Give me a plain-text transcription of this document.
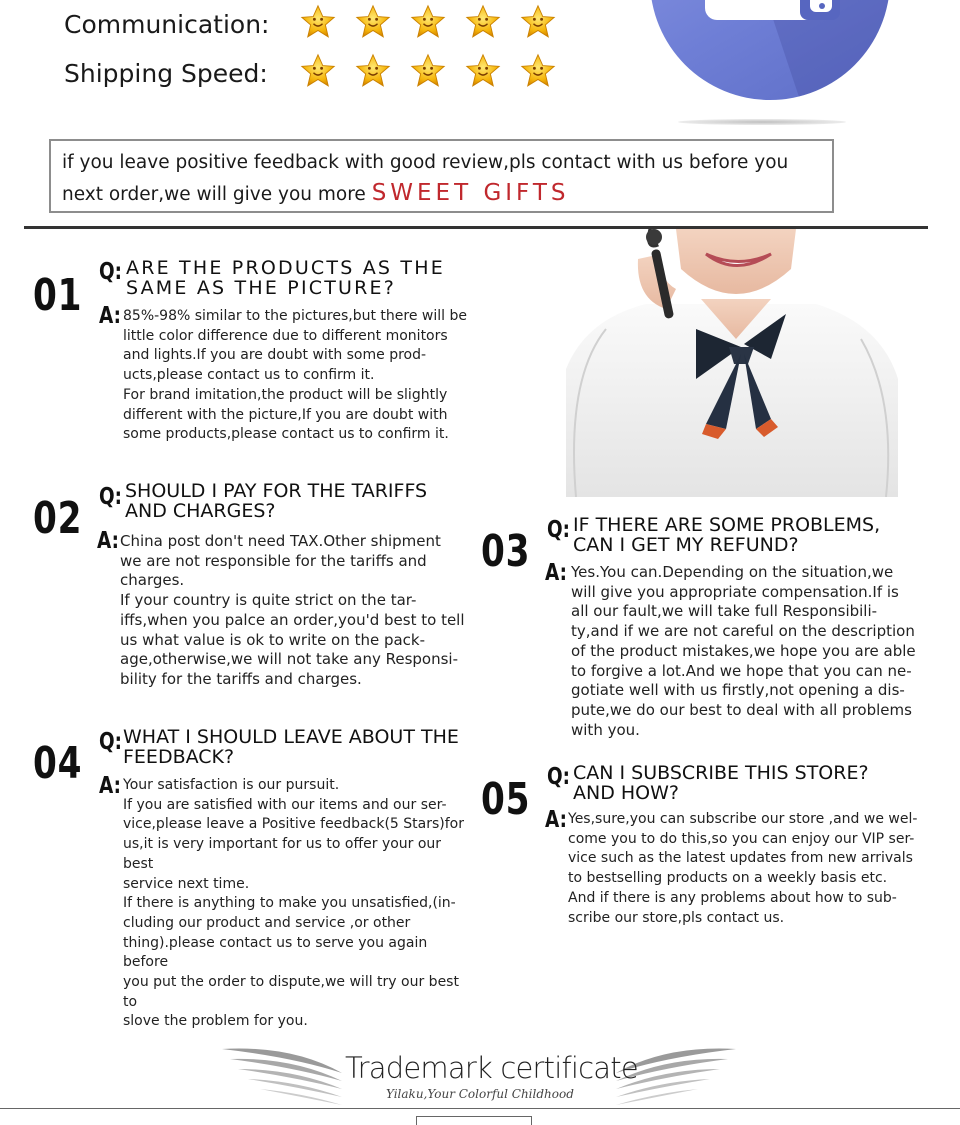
Communication:
Shipping Speed:
if you leave positive feedback with good review,pls contact with us before you next order,we will give you more SWEET GIFTS
01 Q: ARE THE PRODUCTS AS THE SAME AS THE PICTURE?
A: 85%-98% similar to the pictures,but there will be
little color difference due to different monitors
and lights.If you are doubt with some prod-
ucts,please contact us to confirm it.
For brand imitation,the product will be slightly
different with the picture,If you are doubt with
some products,please contact us to confirm it.
02 Q: SHOULD I PAY FOR THE TARIFFS AND CHARGES?
A: China post don't need TAX.Other shipment
we are not responsible for the tariffs and
charges.
If your country is quite strict on the tar-
iffs,when you palce an order,you'd best to tell
us what value is ok to write on the pack-
age,otherwise,we will not take any Responsi-
bility for the tariffs and charges.
03 Q: IF THERE ARE SOME PROBLEMS, CAN I GET MY REFUND?
A: Yes.You can.Depending on the situation,we
will give you appropriate compensation.If is
all our fault,we will take full Responsibili-
ty,and if we are not careful on the description
of the product mistakes,we hope you are able
to forgive a lot.And we hope that you can ne-
gotiate well with us firstly,not opening a dis-
pute,we do our best to deal with all problems
with you.
04 Q: WHAT I SHOULD LEAVE ABOUT THE FEEDBACK?
A: Your satisfaction is our pursuit.
If you are satisfied with our items and our ser-
vice,please leave a Positive feedback(5 Stars)for
us,it is very important for us to offer your our best
service next time.
If there is anything to make you unsatisfied,(in-
cluding our product and service ,or other
thing).please contact us to serve you again before
you put the order to dispute,we will try our best to
slove the problem for you.
05 Q: CAN I SUBSCRIBE THIS STORE? AND HOW?
A: Yes,sure,you can subscribe our store ,and we wel-
come you to do this,so you can enjoy our VIP ser-
vice such as the latest updates from new arrivals
to bestselling products on a weekly basis etc.
And if there is any problems about how to sub-
scribe our store,pls contact us.
Trademark certificate
Yilaku,Your Colorful Childhood
